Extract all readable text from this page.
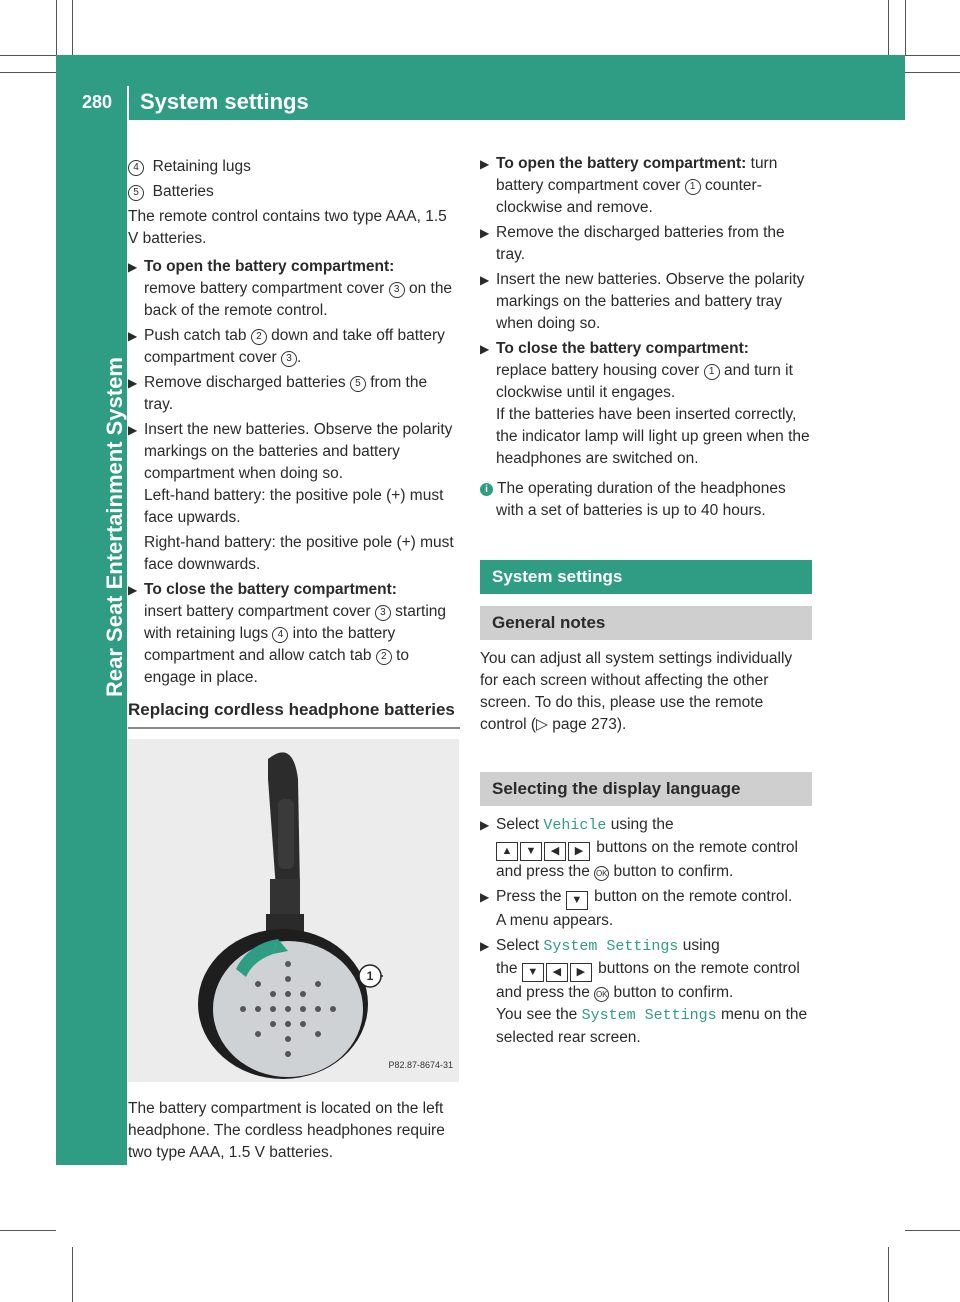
280 System settings
Rear Seat Entertainment System

4 Retaining lugs

5 Batteries

The remote control contains two type AAA, 1.5 V batteries.

▶ To open the battery compartment:
remove battery compartment cover 3 on the back of the remote control.

▶ Push catch tab 2 down and take off battery compartment cover 3 .

▶ Remove discharged batteries 5 from the tray.

▶ Insert the new batteries. Observe the polarity markings on the batteries and battery compartment when doing so.
Left-hand battery: the positive pole (+) must face upwards.
Right-hand battery: the positive pole (+) must face downwards.

▶ To close the battery compartment:
insert battery compartment cover 3 starting with retaining lugs 4 into the battery compartment and allow catch tab 2 to engage in place.

Replacing cordless headphone batteries
1
P82.87-8674-31

The battery compartment is located on the left headphone. The cordless headphones require two type AAA, 1.5 V batteries.

▶ To open the battery compartment: turn battery compartment cover 1 counterclockwise and remove.

▶ Remove the discharged batteries from the tray.

▶ Insert the new batteries. Observe the polarity markings on the batteries and battery tray when doing so.

▶ To close the battery compartment:
replace battery housing cover 1 and turn it clockwise until it engages.
If the batteries have been inserted correctly, the indicator lamp will light up green when the headphones are switched on.

i The operating duration of the headphones with a set of batteries is up to 40 hours.

System settings
General notes

You can adjust all system settings individually for each screen without affecting the other screen. To do this, please use the remote control (▷ page 273).

Selecting the display language

▶ Select Vehicle using the
▲ ▼ ◀ ▶ buttons on the remote control and press the OK button to confirm.

▶ Press the ▼ button on the remote control.
A menu appears.

▶ Select System Settings using
the ▼ ◀ ▶ buttons on the remote control and press the OK button to confirm.
You see the System Settings menu on the selected rear screen.
